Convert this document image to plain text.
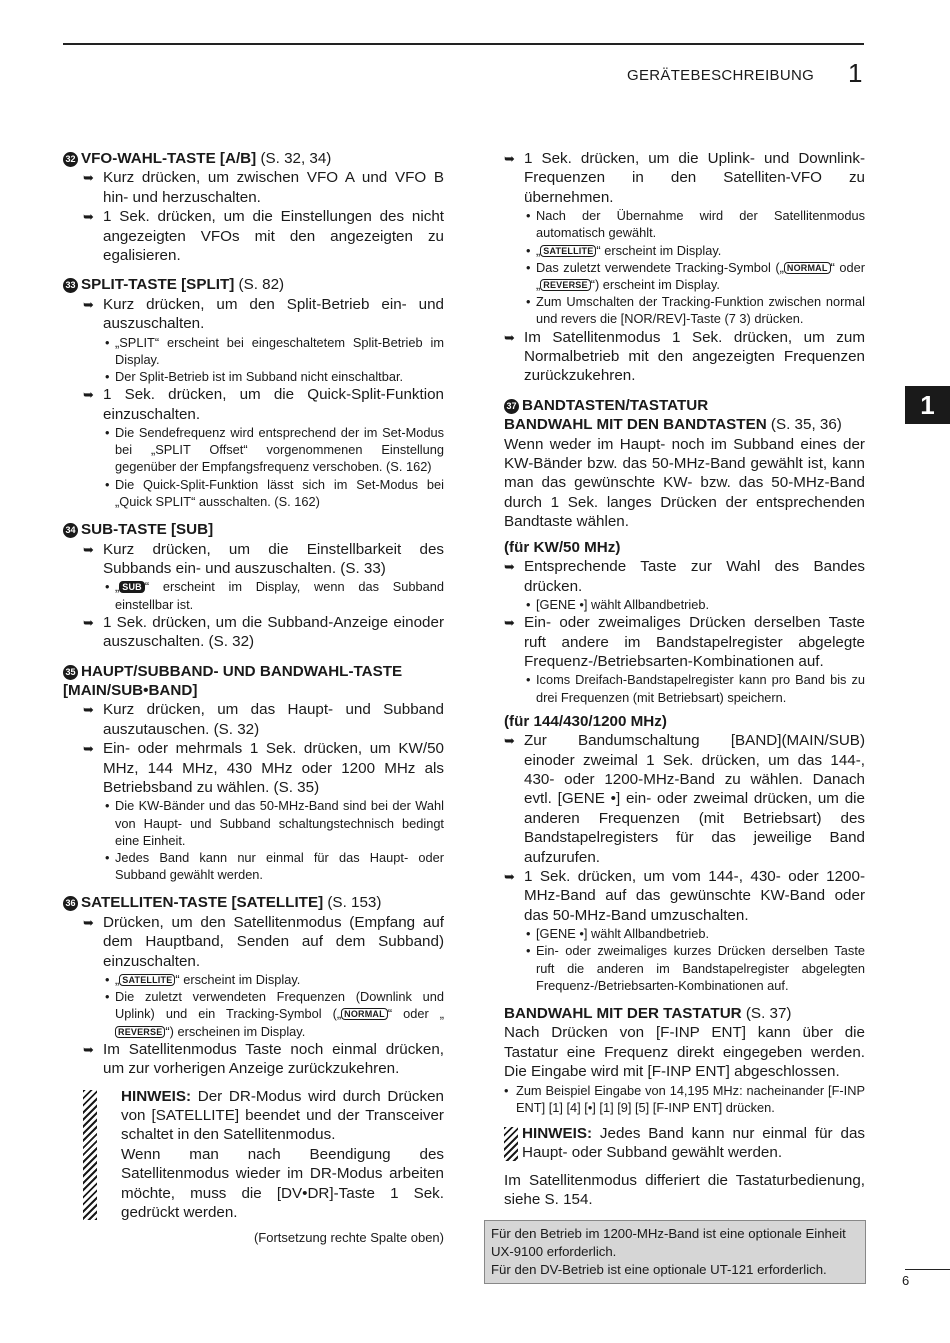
GERÄTEBESCHREIBUNG 1
1

32 VFO-WAHL-TASTE [A/B] (S. 32, 34)

➥ Kurz drücken, um zwischen VFO A und VFO B hin- und herzuschalten.

➥ 1 Sek. drücken, um die Einstellungen des nicht angezeigten VFOs mit den angezeigten zu egalisieren.

33 SPLIT-TASTE [SPLIT] (S. 82)

➥ Kurz drücken, um den Split-Betrieb ein- und auszuschalten.

• „SPLIT“ erscheint bei eingeschaltetem Split-Betrieb im Display.

• Der Split-Betrieb ist im Subband nicht einschaltbar.

➥ 1 Sek. drücken, um die Quick-Split-Funktion einzuschalten.

• Die Sendefrequenz wird entsprechend der im Set-Modus bei „SPLIT Offset“ vorgenommenen Einstellung gegenüber der Empfangsfrequenz verschoben. (S. 162)

• Die Quick-Split-Funktion lässt sich im Set-Modus bei „Quick SPLIT“ ausschalten. (S. 162)

34 SUB-TASTE [SUB]

➥ Kurz drücken, um die Einstellbarkeit des Subbands ein- und auszuschalten. (S. 33)

• „ SUB “ erscheint im Display, wenn das Subband einstellbar ist.

➥ 1 Sek. drücken, um die Subband-Anzeige einoder auszuschalten. (S. 32)

35 HAUPT/SUBBAND- UND BANDWAHL-TASTE [MAIN/SUB•BAND]

➥ Kurz drücken, um das Haupt- und Subband auszutauschen. (S. 32)

➥ Ein- oder mehrmals 1 Sek. drücken, um KW/50 MHz, 144 MHz, 430 MHz oder 1200 MHz als Betriebsband zu wählen. (S. 35)

• Die KW-Bänder und das 50-MHz-Band sind bei der Wahl von Haupt- und Subband schaltungstechnisch bedingt eine Einheit.

• Jedes Band kann nur einmal für das Haupt- oder Subband gewählt werden.

36 SATELLITEN-TASTE [SATELLITE] (S. 153)

➥ Drücken, um den Satellitenmodus (Empfang auf dem Hauptband, Senden auf dem Subband) einzuschalten.

• „ SATELLITE “ erscheint im Display.

• Die zuletzt verwendeten Frequenzen (Downlink und Uplink) und ein Tracking-Symbol („ NORMAL “ oder „REVERSE “) erscheinen im Display.

➥ Im Satellitenmodus Taste noch einmal drücken, um zur vorherigen Anzeige zurückzukehren.

HINWEIS: Der DR-Modus wird durch Drücken von [SATELLITE] beendet und der Transceiver schaltet in den Satellitenmodus.
Wenn man nach Beendigung des Satellitenmodus wieder im DR-Modus arbeiten möchte, muss die [DV•DR]-Taste 1 Sek. gedrückt werden.
(Fortsetzung rechte Spalte oben)

➥ 1 Sek. drücken, um die Uplink- und Downlink-Frequenzen in den Satelliten-VFO zu übernehmen.

• Nach der Übernahme wird der Satellitenmodus automatisch gewählt.

• „ SATELLITE “ erscheint im Display.

• Das zuletzt verwendete Tracking-Symbol („ NORMAL “ oder „ REVERSE “) erscheint im Display.

• Zum Umschalten der Tracking-Funktion zwischen normal und revers die [NOR/REV]-Taste (7 3) drücken.

➥ Im Satellitenmodus 1 Sek. drücken, um zum Normalbetrieb mit den angezeigten Frequenzen zurückzukehren.

37 BANDTASTEN/TASTATUR

BANDWAHL MIT DEN BANDTASTEN (S. 35, 36)

Wenn weder im Haupt- noch im Subband eines der KW-Bänder bzw. das 50-MHz-Band gewählt ist, kann man das gewünschte KW- bzw. das 50-MHz-Band durch 1 Sek. langes Drücken der entsprechenden Bandtaste wählen.

(für KW/50 MHz)

➥ Entsprechende Taste zur Wahl des Bandes drücken.

• [GENE •] wählt Allbandbetrieb.

➥ Ein- oder zweimaliges Drücken derselben Taste ruft andere im Bandstapelregister abgelegte Frequenz-/Betriebsarten-Kombinationen auf.

• Icoms Dreifach-Bandstapelregister kann pro Band bis zu drei Frequenzen (mit Betriebsart) speichern.

(für 144/430/1200 MHz)

➥ Zur Bandumschaltung [BAND](MAIN/SUB) einoder zweimal 1 Sek. drücken, um das 144-, 430- oder 1200-MHz-Band zu wählen. Danach evtl. [GENE •] ein- oder zweimal drücken, um die anderen Frequenzen (mit Betriebsart) des Bandstapelregisters für das jeweilige Band aufzurufen.

➥ 1 Sek. drücken, um vom 144-, 430- oder 1200-MHz-Band auf das gewünschte KW-Band oder das 50-MHz-Band umzuschalten.

• [GENE •] wählt Allbandbetrieb.

• Ein- oder zweimaliges kurzes Drücken derselben Taste ruft die anderen im Bandstapelregister abgelegten Frequenz-/Betriebsarten-Kombinationen auf.

BANDWAHL MIT DER TASTATUR (S. 37)

Nach Drücken von [F-INP ENT] kann über die Tastatur eine Frequenz direkt eingegeben werden. Die Eingabe wird mit [F-INP ENT] abgeschlossen.

• Zum Beispiel Eingabe von 14,195 MHz: nacheinander [F-INP ENT] [1] [4] [•] [1] [9] [5] [F-INP ENT] drücken.

HINWEIS: Jedes Band kann nur einmal für das Haupt- oder Subband gewählt werden.

Im Satellitenmodus differiert die Tastaturbedienung, siehe S. 154.

Für den Betrieb im 1200-MHz-Band ist eine optionale Einheit UX-9100 erforderlich.
Für den DV-Betrieb ist eine optionale UT-121 erforderlich.
6
